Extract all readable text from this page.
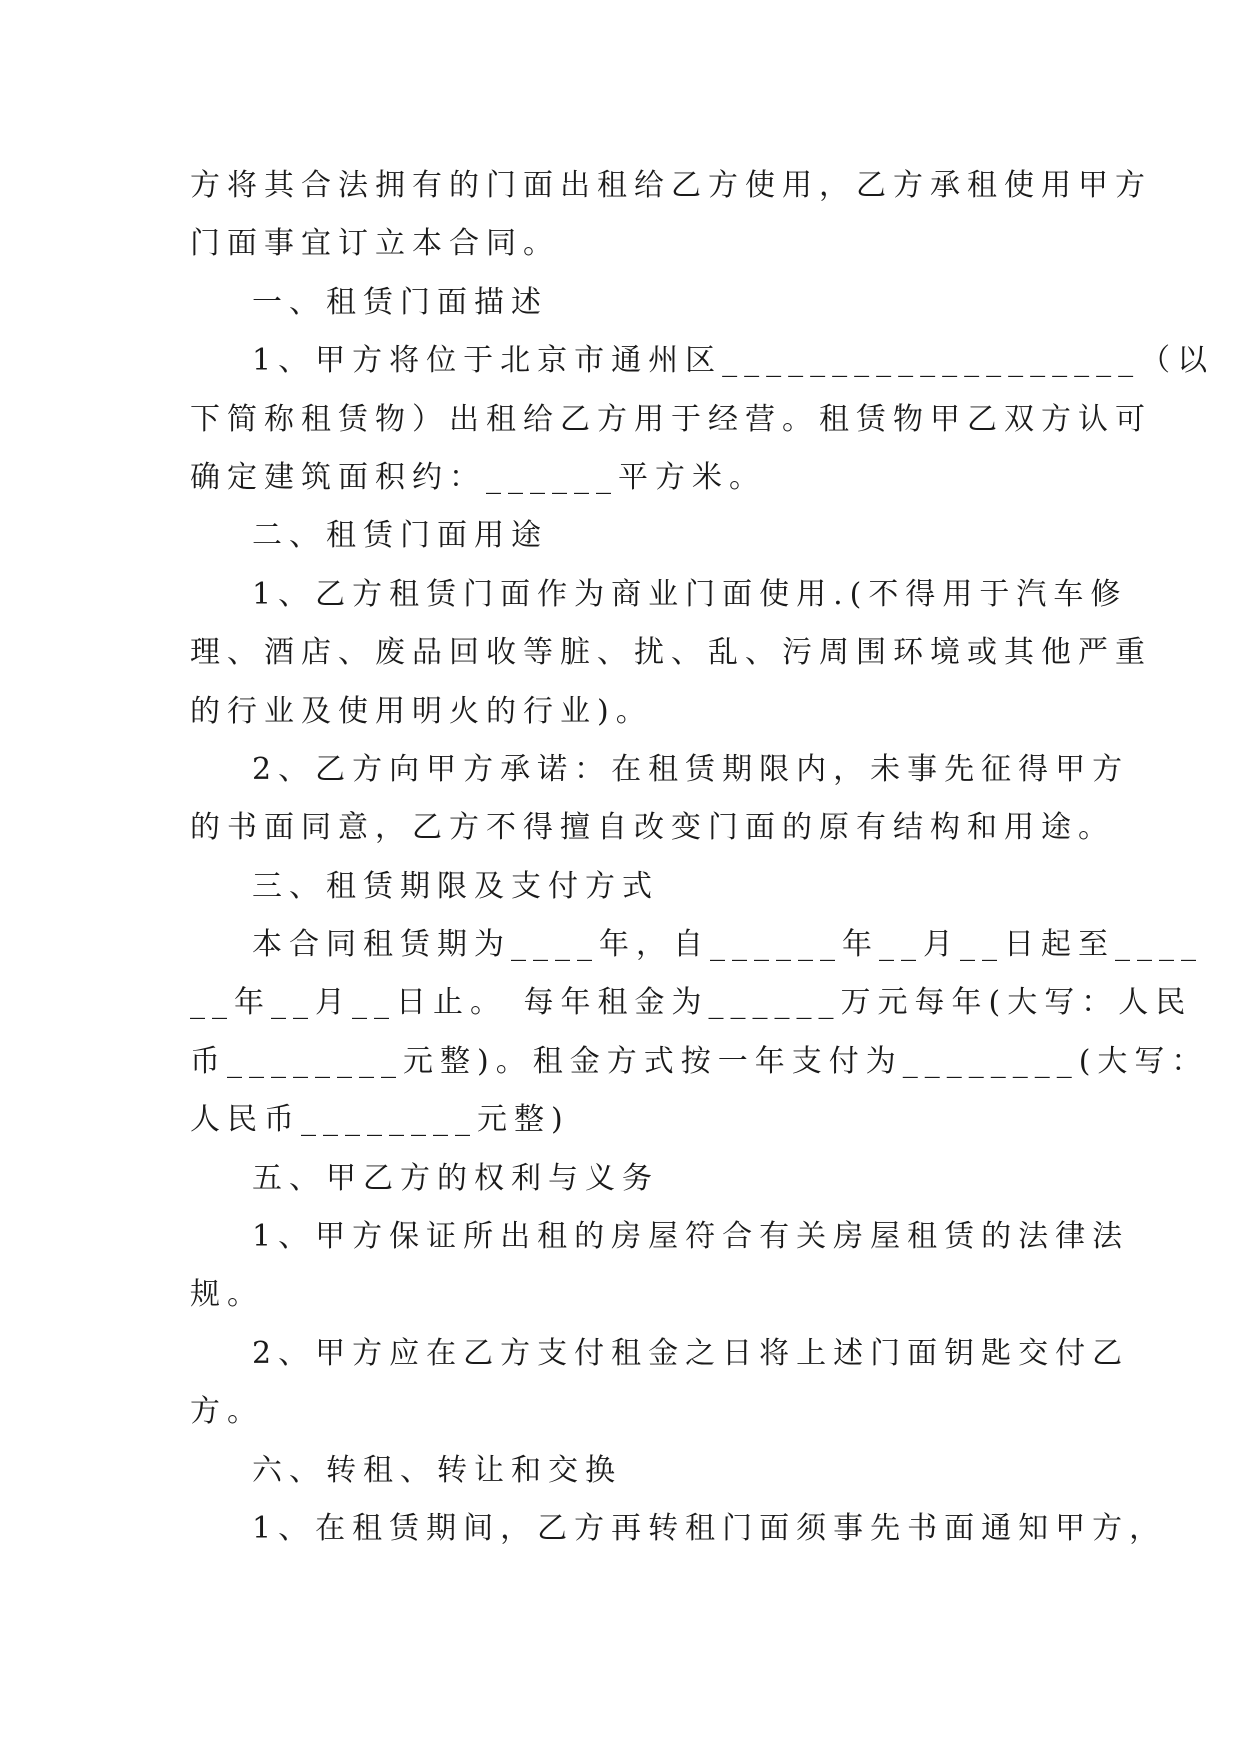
方将其合法拥有的门面出租给乙方使用，乙方承租使用甲方
门面事宜订立本合同。
一、租赁门面描述
1、甲方将位于北京市通州区___________________（以
下简称租赁物）出租给乙方用于经营。租赁物甲乙双方认可
确定建筑面积约：______平方米。
二、租赁门面用途
1、乙方租赁门面作为商业门面使用.(不得用于汽车修
理、酒店、废品回收等脏、扰、乱、污周围环境或其他严重
的行业及使用明火的行业)。
2、乙方向甲方承诺：在租赁期限内，未事先征得甲方
的书面同意，乙方不得擅自改变门面的原有结构和用途。
三、租赁期限及支付方式
本合同租赁期为____年，自______年__月__日起至____
__年__月__日止。 每年租金为______万元每年(大写：人民
币________元整)。租金方式按一年支付为________(大写：
人民币________元整)
五、甲乙方的权利与义务
1、甲方保证所出租的房屋符合有关房屋租赁的法律法
规。
2、甲方应在乙方支付租金之日将上述门面钥匙交付乙
方。
六、转租、转让和交换
1、在租赁期间，乙方再转租门面须事先书面通知甲方，
